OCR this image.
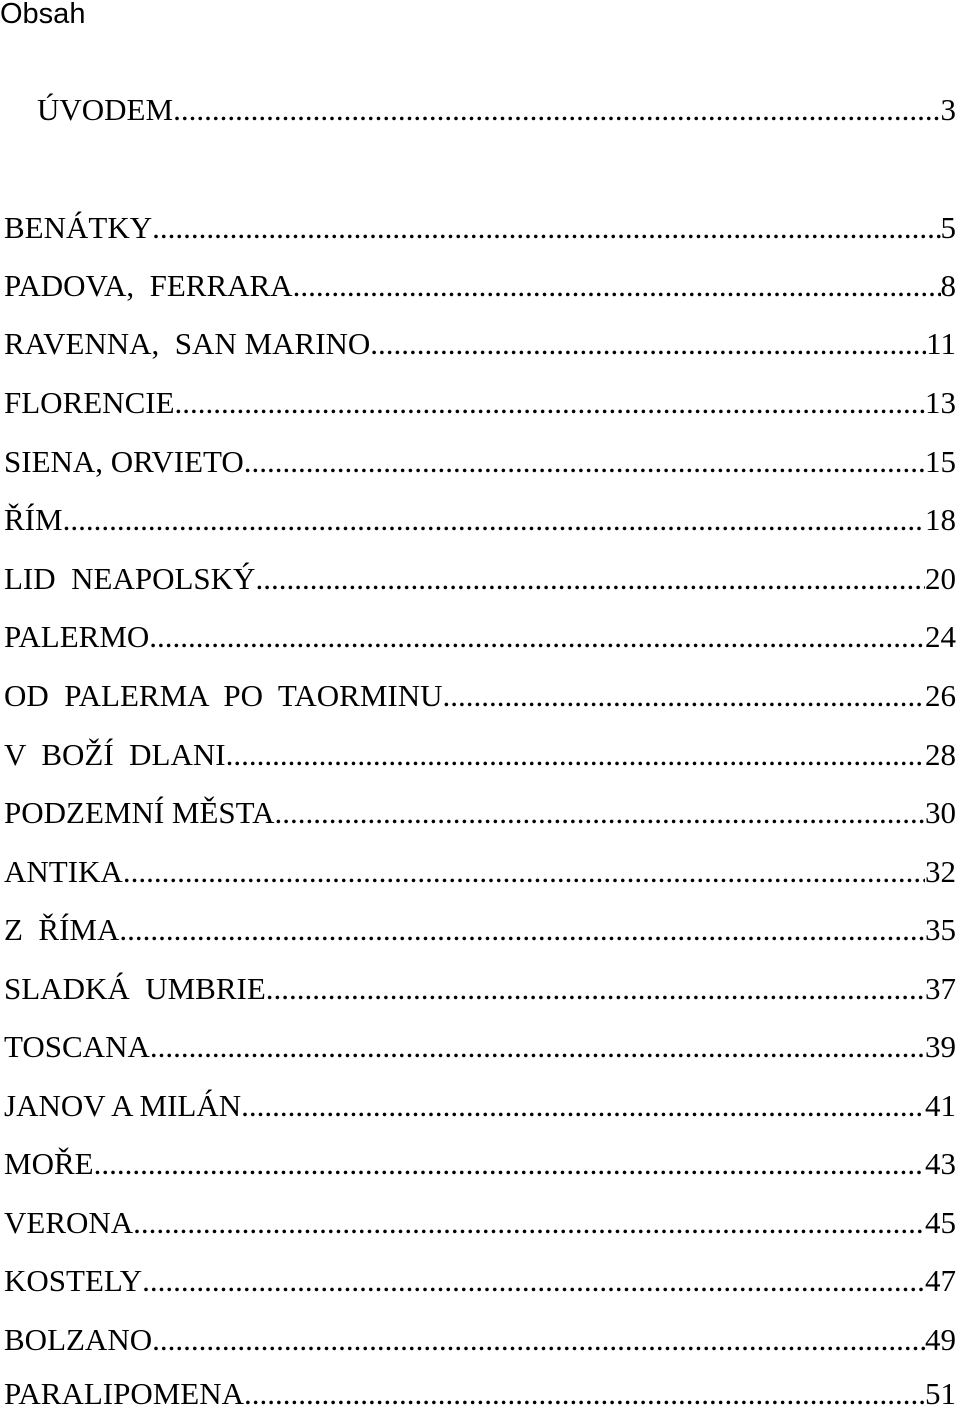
Obsah
ÚVODEM .....	3
BENÁTKY .....	5
PADOVA,  FERRARA .....	8
RAVENNA,  SAN MARINO .....	11
FLORENCIE .....	13
SIENA, ORVIETO .....	15
ŘÍM .....	18
LID  NEAPOLSKÝ .....	20
PALERMO .....	24
OD  PALERMA  PO  TAORMINU .....	26
V  BOŽÍ  DLANI .....	28
PODZEMNÍ MĚSTA .....	30
ANTIKA .....	32
Z  ŘÍMA .....	35
SLADKÁ  UMBRIE .....	37
TOSCANA .....	39
JANOV A MILÁN .....	41
MOŘE .....	43
VERONA .....	45
KOSTELY .....	47
BOLZANO .....	49
PARALIPOMENA .....	51
